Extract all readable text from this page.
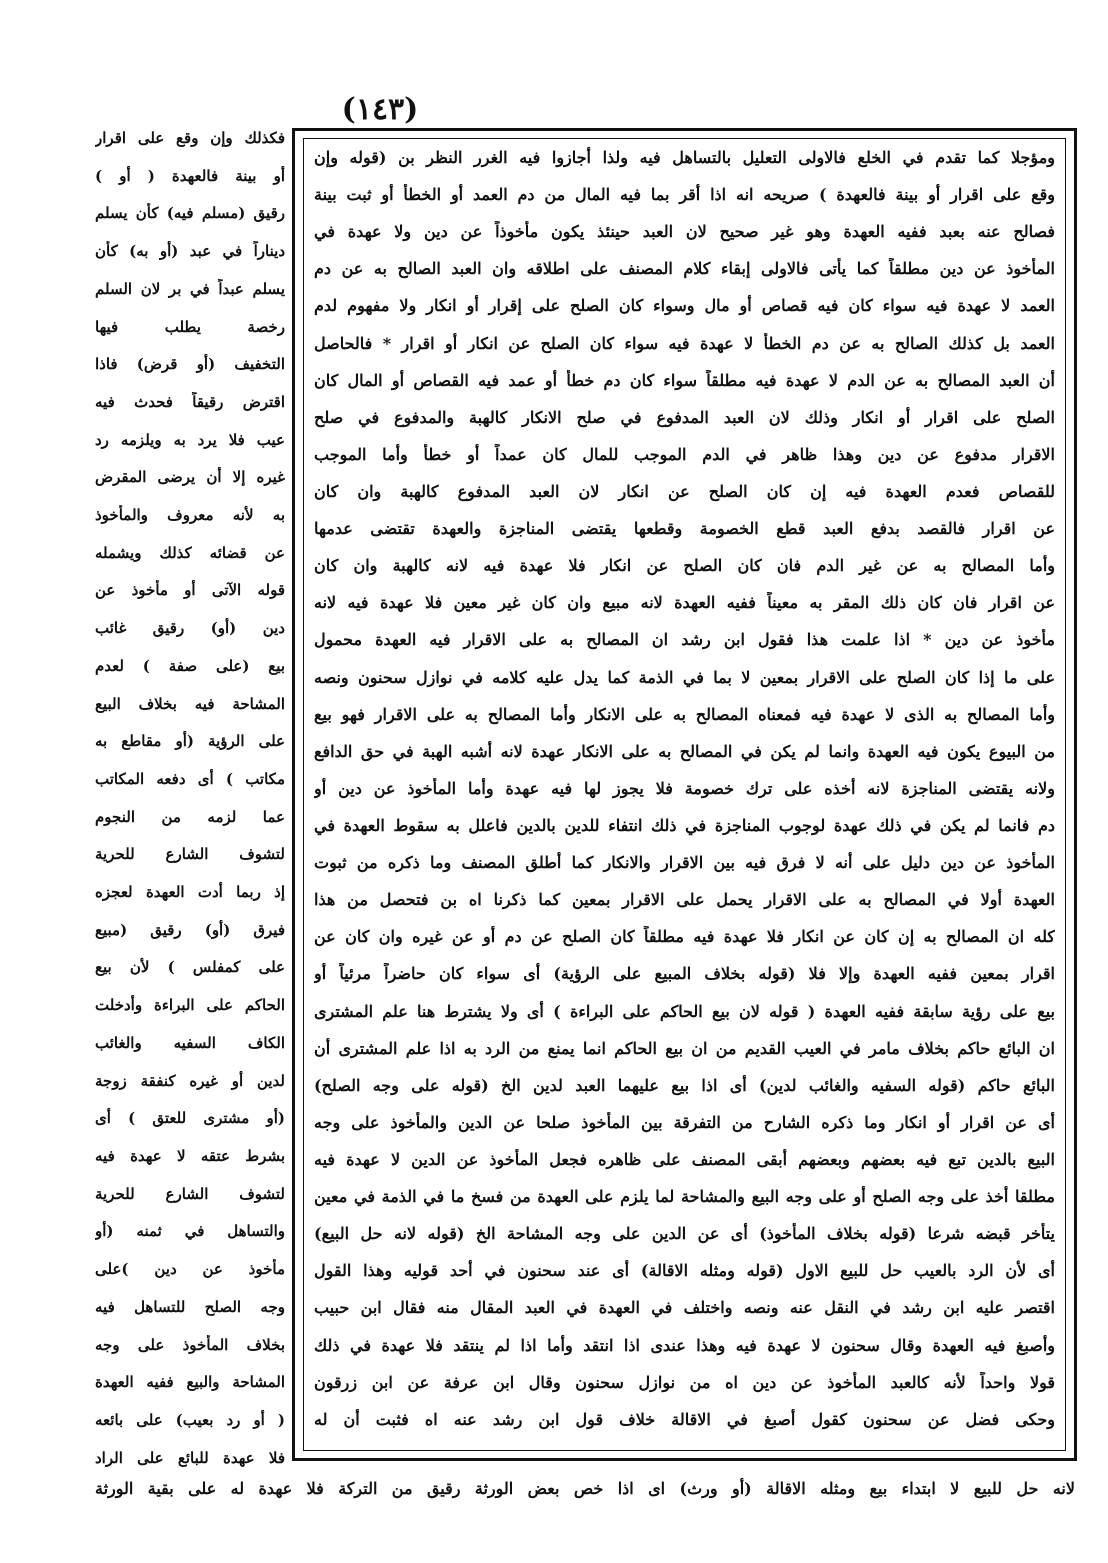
(١٤٣)
فكذلك وإن وقع على اقرار
أو بينة فالعهدة ( أو )
رقيق (مسلم فيه) كأن يسلم
ديناراً في عبد (أو به) كأن
يسلم عبداً في بر لان السلم
رخصة يطلب فيها
التخفيف (أو قرض) فاذا
اقترض رقيقاً فحدث فيه
عيب فلا يرد به ويلزمه رد
غيره إلا أن يرضى المقرض
به لأنه معروف والمأخوذ
عن قضائه كذلك ويشمله
قوله الآتى أو مأخوذ عن
دين (أو) رقيق غائب
بيع (على صفة ) لعدم
المشاحة فيه بخلاف البيع
على الرؤية (أو مقاطع به
مكاتب ) أى دفعه المكاتب
عما لزمه من النجوم
لتشوف الشارع للحرية
إذ ربما أدت العهدة لعجزه
فيرق (أو) رقيق (مبيع
على كمفلس ) لأن بيع
الحاكم على البراءة وأدخلت
الكاف السفيه والغائب
لدين أو غيره كنفقة زوجة
(أو مشترى للعتق ) أى
بشرط عتقه لا عهدة فيه
لتشوف الشارع للحرية
والتساهل في ثمنه (أو
مأخوذ عن دين )على
وجه الصلح للتساهل فيه
بخلاف المأخوذ على وجه
المشاحة والبيع ففيه العهدة
( أو رد بعيب) على بائعه
فلا عهدة للبائع على الراد
ومؤجلا كما تقدم في الخلع فالاولى التعليل بالتساهل فيه ولذا أجازوا فيه الغرر النظر بن (قوله وإن
وقع على اقرار أو بينة فالعهدة ) صريحه انه اذا أقر بما فيه المال من دم العمد أو الخطأ أو ثبت بينة
فصالح عنه بعبد ففيه العهدة وهو غير صحيح لان العبد حينئذ يكون مأخوذاً عن دين ولا عهدة في
المأخوذ عن دين مطلقاً كما يأتى فالاولى إبقاء كلام المصنف على اطلاقه وان العبد الصالح به عن دم
العمد لا عهدة فيه سواء كان فيه قصاص أو مال وسواء كان الصلح على إقرار أو انكار ولا مفهوم لدم
العمد بل كذلك الصالح به عن دم الخطأ لا عهدة فيه سواء كان الصلح عن انكار أو اقرار * فالحاصل
أن العبد المصالح به عن الدم لا عهدة فيه مطلقاً سواء كان دم خطأ أو عمد فيه القصاص أو المال كان
الصلح على اقرار أو انكار وذلك لان العبد المدفوع في صلح الانكار كالهبة والمدفوع في صلح
الاقرار مدفوع عن دين وهذا ظاهر في الدم الموجب للمال كان عمداً أو خطأ وأما الموجب
للقصاص فعدم العهدة فيه إن كان الصلح عن انكار لان العبد المدفوع كالهبة وان كان
عن اقرار فالقصد بدفع العبد قطع الخصومة وقطعها يقتضى المناجزة والعهدة تقتضى عدمها
وأما المصالح به عن غير الدم فان كان الصلح عن انكار فلا عهدة فيه لانه كالهبة وان كان
عن اقرار فان كان ذلك المقر به معيناً ففيه العهدة لانه مبيع وان كان غير معين فلا عهدة فيه لانه
مأخوذ عن دين * اذا علمت هذا فقول ابن رشد ان المصالح به على الاقرار فيه العهدة محمول
على ما إذا كان الصلح على الاقرار بمعين لا بما في الذمة كما يدل عليه كلامه في نوازل سحنون ونصه
وأما المصالح به الذى لا عهدة فيه فمعناه المصالح به على الانكار وأما المصالح به على الاقرار فهو بيع
من البيوع يكون فيه العهدة وانما لم يكن في المصالح به على الانكار عهدة لانه أشبه الهبة في حق الدافع
ولانه يقتضى المناجزة لانه أخذه على ترك خصومة فلا يجوز لها فيه عهدة وأما المأخوذ عن دين أو
دم فانما لم يكن في ذلك عهدة لوجوب المناجزة في ذلك انتفاء للدين بالدين فاعلل به سقوط العهدة في
المأخوذ عن دين دليل على أنه لا فرق فيه بين الاقرار والانكار كما أطلق المصنف وما ذكره من ثبوت
العهدة أولا في المصالح به على الاقرار يحمل على الاقرار بمعين كما ذكرنا اه بن فتحصل من هذا
كله ان المصالح به إن كان عن انكار فلا عهدة فيه مطلقاً كان الصلح عن دم أو عن غيره وان كان عن
اقرار بمعين ففيه العهدة وإلا فلا (قوله بخلاف المبيع على الرؤية) أى سواء كان حاضراً مرئياً أو
بيع على رؤية سابقة ففيه العهدة ( قوله لان بيع الحاكم على البراءة ) أى ولا يشترط هنا علم المشترى
ان البائع حاكم بخلاف مامر في العيب القديم من ان بيع الحاكم انما يمنع من الرد به اذا علم المشترى أن
البائع حاكم (قوله السفيه والغائب لدين) أى اذا بيع عليهما العبد لدين الخ (قوله على وجه الصلح)
أى عن اقرار أو انكار وما ذكره الشارح من التفرقة بين المأخوذ صلحا عن الدين والمأخوذ على وجه
البيع بالدين تبع فيه بعضهم وبعضهم أبقى المصنف على ظاهره فجعل المأخوذ عن الدين لا عهدة فيه
مطلقا أخذ على وجه الصلح أو على وجه البيع والمشاحة لما يلزم على العهدة من فسخ ما في الذمة في معين
يتأخر قبضه شرعا (قوله بخلاف المأخوذ) أى عن الدين على وجه المشاحة الخ (قوله لانه حل البيع)
أى لأن الرد بالعيب حل للبيع الاول (قوله ومثله الاقالة) أى عند سحنون في أحد قوليه وهذا القول
اقتصر عليه ابن رشد في النقل عنه ونصه واختلف في العهدة في العبد المقال منه فقال ابن حبيب
وأصبغ فيه العهدة وقال سحنون لا عهدة فيه وهذا عندى اذا انتقد وأما اذا لم ينتقد فلا عهدة في ذلك
قولا واحداً لأنه كالعبد المأخوذ عن دين اه من نوازل سحنون وقال ابن عرفة عن ابن زرقون
وحكى فضل عن سحنون كقول أصبغ في الاقالة خلاف قول ابن رشد عنه اه فثبت أن له
لانه حل للبيع لا ابتداء بيع ومثله الاقالة (أو ورث) اى اذا خص بعض الورثة رقيق من التركة فلا عهدة له على بقية الورثة
